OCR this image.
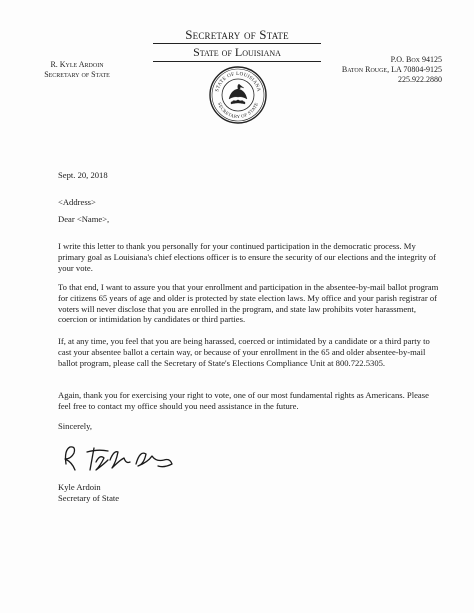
Secretary of State
State of Louisiana
R. Kyle Ardoin
Secretary of State
P.O. Box 94125
Baton Rouge, LA 70804-9125
225.922.2880
STATE OF LOUISIANA
SECRETARY OF STATE
Sept. 20, 2018
<Address>
Dear <Name>,
I write this letter to thank you personally for your continued participation in the democratic process. My primary goal as Louisiana's chief elections officer is to ensure the security of our elections and the integrity of your vote.
To that end, I want to assure you that your enrollment and participation in the absentee-by-mail ballot program for citizens 65 years of age and older is protected by state election laws. My office and your parish registrar of voters will never disclose that you are enrolled in the program, and state law prohibits voter harassment, coercion or intimidation by candidates or third parties.
If, at any time, you feel that you are being harassed, coerced or intimidated by a candidate or a third party to cast your absentee ballot a certain way, or because of your enrollment in the 65 and older absentee-by-mail ballot program, please call the Secretary of State's Elections Compliance Unit at 800.722.5305.
Again, thank you for exercising your right to vote, one of our most fundamental rights as Americans. Please feel free to contact my office should you need assistance in the future.
Sincerely,
Kyle Ardoin
Secretary of State
